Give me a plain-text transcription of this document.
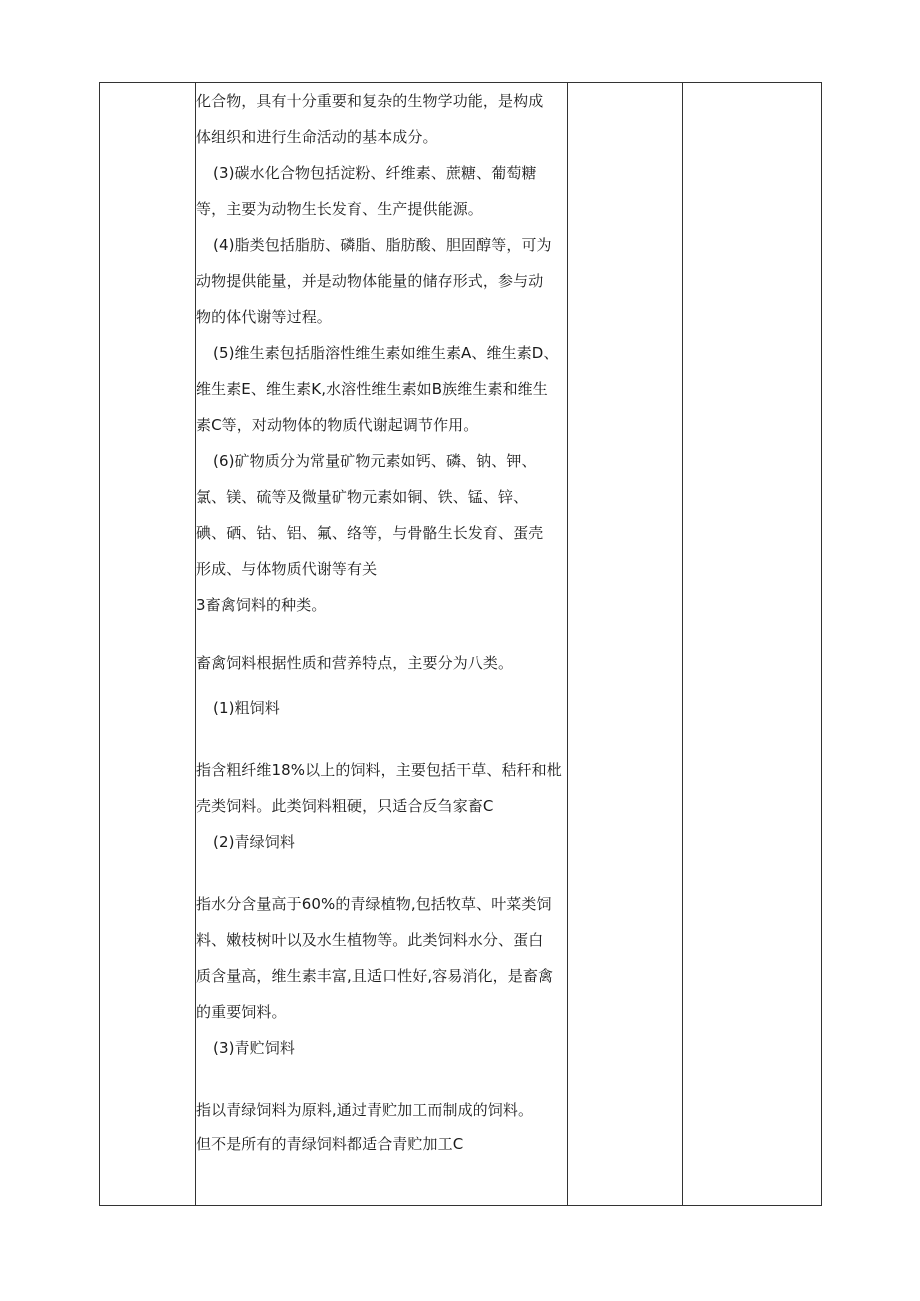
化合物，具有十分重要和复杂的生物学功能，是构成

体组织和进行生命活动的基本成分。

(3)碳水化合物包括淀粉、纤维素、蔗糖、葡萄糖

等，主要为动物生长发育、生产提供能源。

(4)脂类包括脂肪、磷脂、脂肪酸、胆固醇等，可为

动物提供能量，并是动物体能量的储存形式，参与动

物的体代谢等过程。

(5)维生素包括脂溶性维生素如维生素A、维生素D、

维生素E、维生素K,水溶性维生素如B族维生素和维生

素C等，对动物体的物质代谢起调节作用。

(6)矿物质分为常量矿物元素如钙、磷、钠、钾、

氯、镁、硫等及微量矿物元素如铜、铁、锰、锌、

碘、硒、钴、铝、氟、络等，与骨骼生长发育、蛋壳

形成、与体物质代谢等有关

3畜禽饲料的种类。

畜禽饲料根据性质和营养特点，主要分为八类。

(1)粗饲料

指含粗纤维18%以上的饲料，主要包括干草、秸秆和枇

壳类饲料。此类饲料粗硬，只适合反刍家畜C

(2)青绿饲料

指水分含量高于60%的青绿植物,包括牧草、叶菜类饲

料、嫩枝树叶以及水生植物等。此类饲料水分、蛋白

质含量高，维生素丰富,且适口性好,容易消化，是畜禽

的重要饲料。

(3)青贮饲料

指以青绿饲料为原料,通过青贮加工而制成的饲料。

但不是所有的青绿饲料都适合青贮加工C
